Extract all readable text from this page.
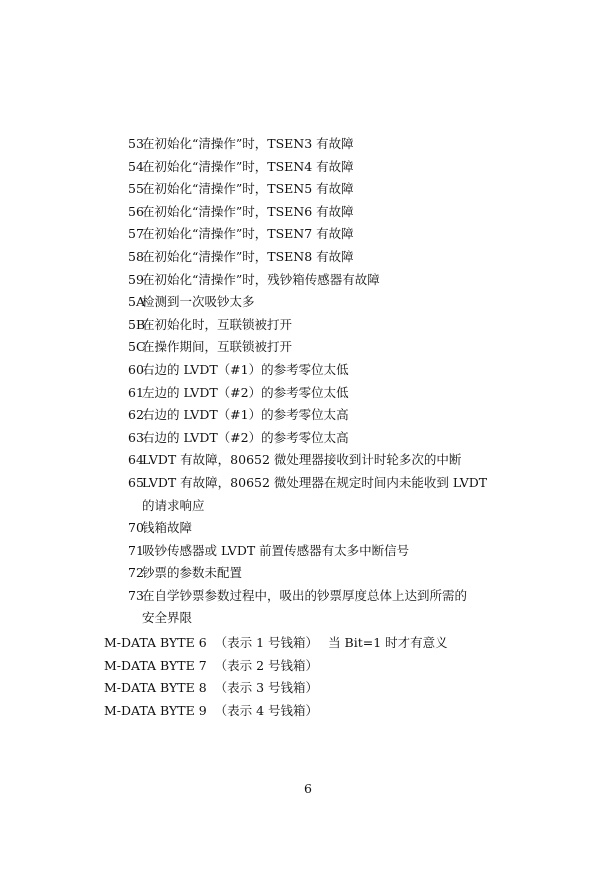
53
在初始化“清操作”时，TSEN3 有故障
54
在初始化“清操作”时，TSEN4 有故障
55
在初始化“清操作”时，TSEN5 有故障
56
在初始化“清操作”时，TSEN6 有故障
57
在初始化“清操作”时，TSEN7 有故障
58
在初始化“清操作”时，TSEN8 有故障
59
在初始化“清操作”时，残钞箱传感器有故障
5A
检测到一次吸钞太多
5B
在初始化时，互联锁被打开
5C
在操作期间，互联锁被打开
60
右边的 LVDT（#1）的参考零位太低
61
左边的 LVDT（#2）的参考零位太低
62
右边的 LVDT（#1）的参考零位太高
63
右边的 LVDT（#2）的参考零位太高
64
LVDT 有故障，80652 微处理器接收到计时轮多次的中断
65
LVDT 有故障，80652 微处理器在规定时间内未能收到 LVDT
的请求响应
70
钱箱故障
71
吸钞传感器或 LVDT 前置传感器有太多中断信号
72
钞票的参数未配置
73
在自学钞票参数过程中，吸出的钞票厚度总体上达到所需的
安全界限
M-DATA BYTE 6 （表示 1 号钱箱） 当 Bit=1 时才有意义
M-DATA BYTE 7 （表示 2 号钱箱）
M-DATA BYTE 8 （表示 3 号钱箱）
M-DATA BYTE 9 （表示 4 号钱箱）
6
